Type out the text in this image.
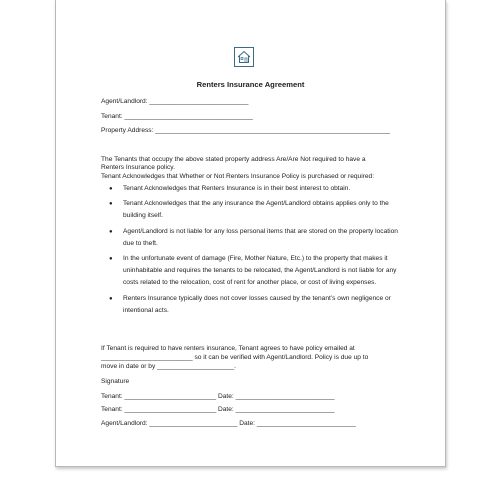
Renters Insurance Agreement
Agent/Landlord: ___________________________
Tenant: ___________________________________
Property Address: ________________________________________________________________
The Tenants that occupy the above stated property address Are/Are Not required to have a
Renters Insurance policy.
Tenant Acknowledges that Whether or Not Renters Insurance Policy is purchased or required:
● Tenant Acknowledges that Renters Insurance is in their best interest to obtain.
● Tenant Acknowledges that the any insurance the Agent/Landlord obtains applies only to the building itself.
● Agent/Landlord is not liable for any loss personal items that are stored on the property location due to theft.
● In the unfortunate event of damage (Fire, Mother Nature, Etc.) to the property that makes it uninhabitable and requires the tenants to be relocated, the Agent/Landlord is not liable for any costs related to the relocation, cost of rent for another place, or cost of living expenses.
● Renters Insurance typically does not cover losses caused by the tenant’s own negligence or intentional acts.
If Tenant is required to have renters insurance, Tenant agrees to have policy emailed at
_________________________ so it can be verified with Agent/Landlord. Policy is due up to
move in date or by _____________________.
Signature
Tenant: _________________________ Date: ___________________________
Tenant: _________________________ Date: ___________________________
Agent/Landlord: ________________________ Date: ___________________________
